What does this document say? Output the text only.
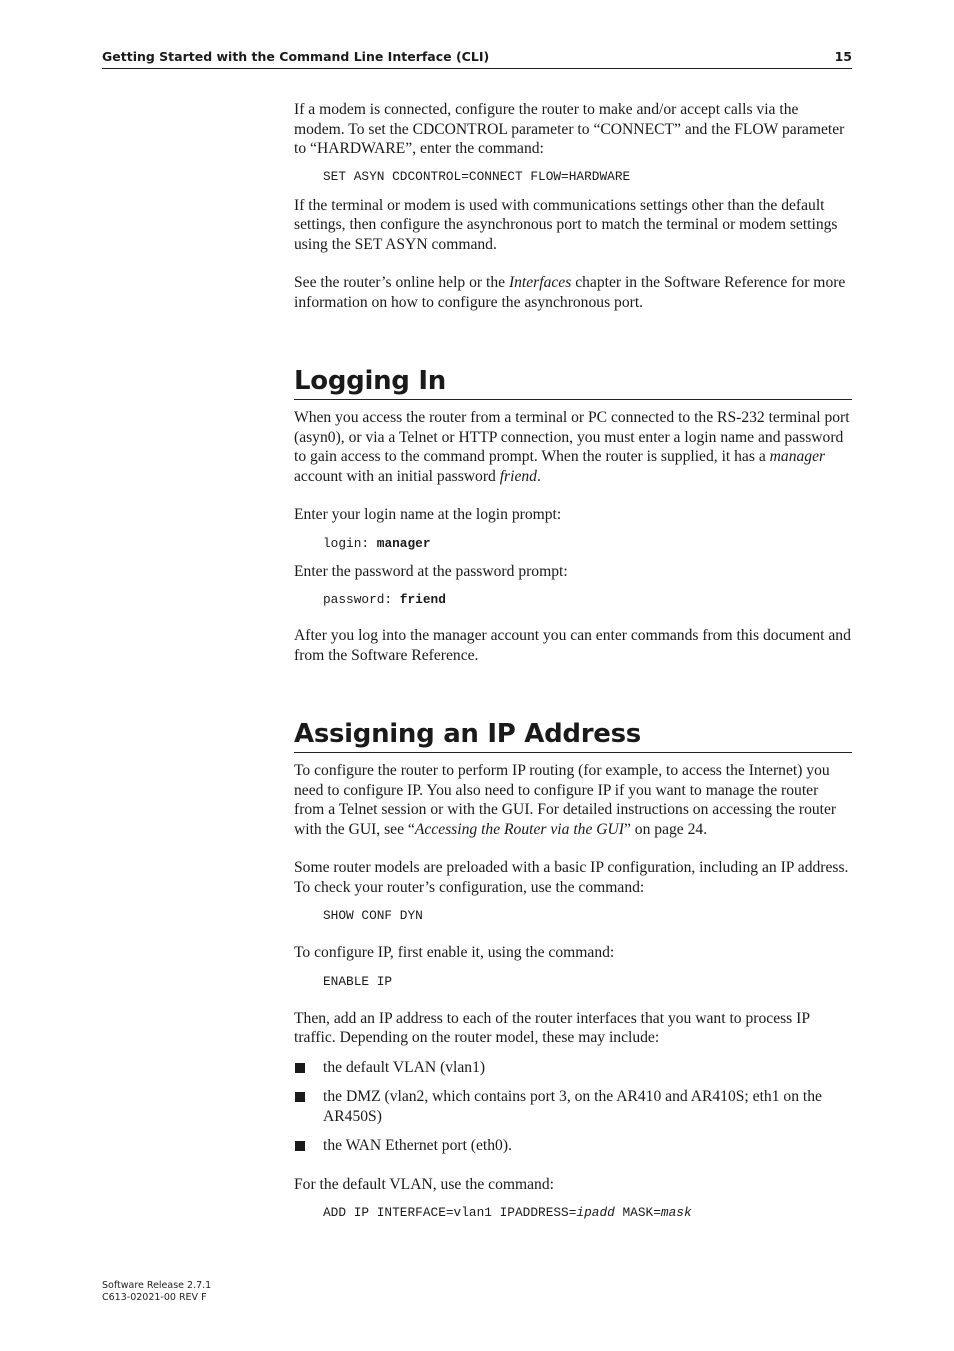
Getting Started with the Command Line Interface (CLI)	15

If a modem is connected, configure the router to make and/or accept calls via the modem. To set the CDCONTROL parameter to “CONNECT” and the FLOW parameter to “HARDWARE”, enter the command:

SET ASYN CDCONTROL=CONNECT FLOW=HARDWARE

If the terminal or modem is used with communications settings other than the default settings, then configure the asynchronous port to match the terminal or modem settings using the SET ASYN command.

See the router’s online help or the Interfaces chapter in the Software Reference for more information on how to configure the asynchronous port.

Logging In

When you access the router from a terminal or PC connected to the RS-232 terminal port (asyn0), or via a Telnet or HTTP connection, you must enter a login name and password to gain access to the command prompt. When the router is supplied, it has a manager account with an initial password friend.

Enter your login name at the login prompt:

login: manager

Enter the password at the password prompt:

password: friend

After you log into the manager account you can enter commands from this document and from the Software Reference.

Assigning an IP Address

To configure the router to perform IP routing (for example, to access the Internet) you need to configure IP. You also need to configure IP if you want to manage the router from a Telnet session or with the GUI. For detailed instructions on accessing the router with the GUI, see “Accessing the Router via the GUI” on page 24.

Some router models are preloaded with a basic IP configuration, including an IP address. To check your router’s configuration, use the command:

SHOW CONF DYN

To configure IP, first enable it, using the command:

ENABLE IP

Then, add an IP address to each of the router interfaces that you want to process IP traffic. Depending on the router model, these may include:

the default VLAN (vlan1)
the DMZ (vlan2, which contains port 3, on the AR410 and AR410S; eth1 on the AR450S)
the WAN Ethernet port (eth0).

For the default VLAN, use the command:

ADD IP INTERFACE=vlan1 IPADDRESS=ipadd MASK=mask
Software Release 2.7.1
C613-02021-00 REV F
